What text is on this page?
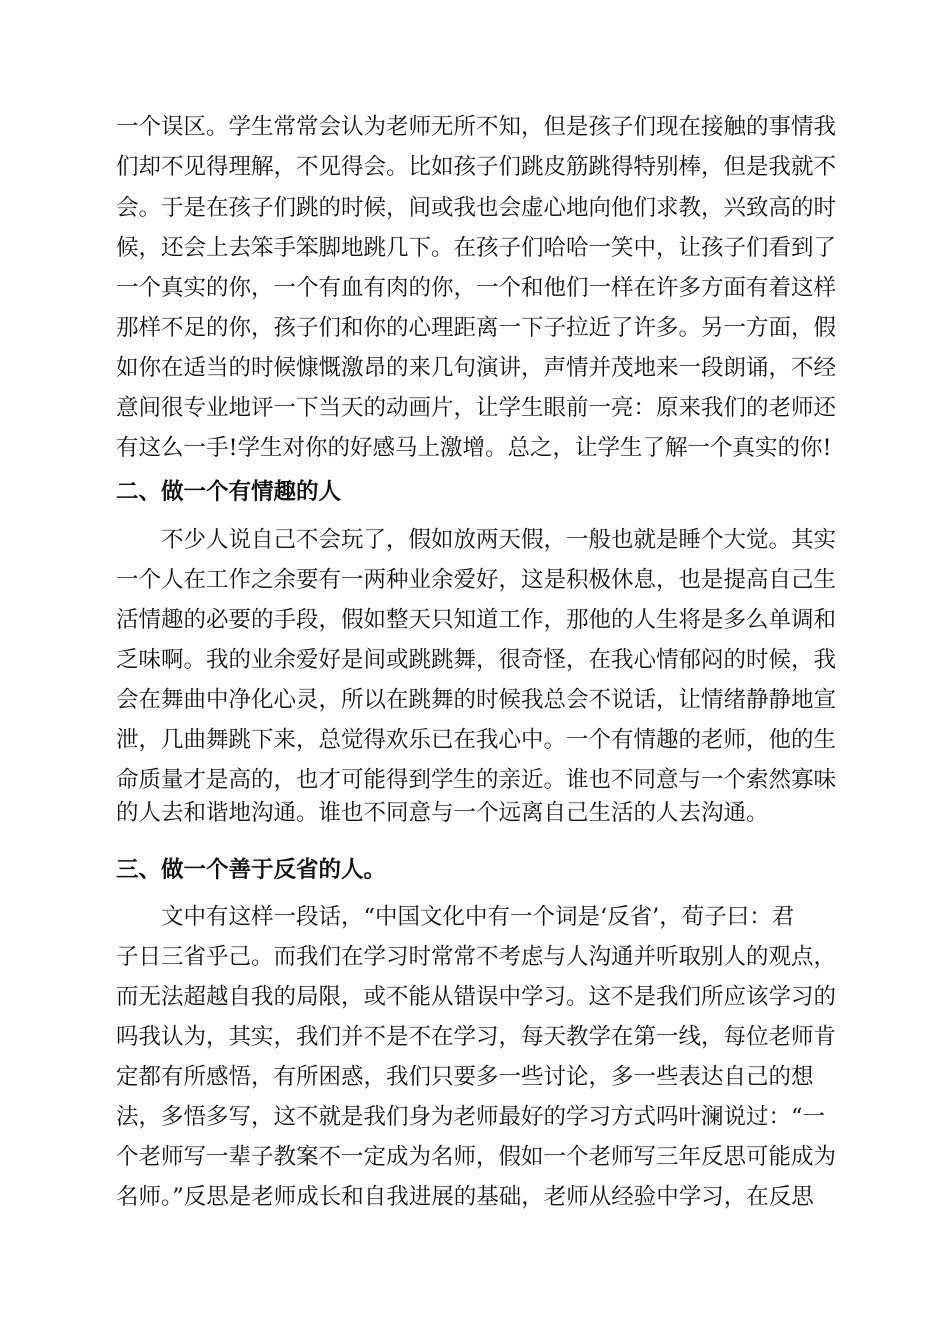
一个误区。学生常常会认为老师无所不知，但是孩子们现在接触的事情我
们却不见得理解，不见得会。比如孩子们跳皮筋跳得特别棒，但是我就不
会。于是在孩子们跳的时候，间或我也会虚心地向他们求教，兴致高的时
候，还会上去笨手笨脚地跳几下。在孩子们哈哈一笑中，让孩子们看到了
一个真实的你，一个有血有肉的你，一个和他们一样在许多方面有着这样
那样不足的你，孩子们和你的心理距离一下子拉近了许多。另一方面，假
如你在适当的时候慷慨激昂的来几句演讲，声情并茂地来一段朗诵，不经
意间很专业地评一下当天的动画片，让学生眼前一亮：原来我们的老师还
有这么一手!学生对你的好感马上激增。总之，让学生了解一个真实的你!
二、做一个有情趣的人
不少人说自己不会玩了，假如放两天假，一般也就是睡个大觉。其实
一个人在工作之余要有一两种业余爱好，这是积极休息，也是提高自己生
活情趣的必要的手段，假如整天只知道工作，那他的人生将是多么单调和
乏味啊。我的业余爱好是间或跳跳舞，很奇怪，在我心情郁闷的时候，我
会在舞曲中净化心灵，所以在跳舞的时候我总会不说话，让情绪静静地宣
泄，几曲舞跳下来，总觉得欢乐已在我心中。一个有情趣的老师，他的生
命质量才是高的，也才可能得到学生的亲近。谁也不同意与一个索然寡味
的人去和谐地沟通。谁也不同意与一个远离自己生活的人去沟通。
三、做一个善于反省的人。
文中有这样一段话，“中国文化中有一个词是‘反省’，荀子曰：君
子日三省乎己。而我们在学习时常常不考虑与人沟通并听取别人的观点，
而无法超越自我的局限，或不能从错误中学习。这不是我们所应该学习的
吗我认为，其实，我们并不是不在学习，每天教学在第一线，每位老师肯
定都有所感悟，有所困惑，我们只要多一些讨论，多一些表达自己的想
法，多悟多写，这不就是我们身为老师最好的学习方式吗叶澜说过：“一
个老师写一辈子教案不一定成为名师，假如一个老师写三年反思可能成为
名师。”反思是老师成长和自我进展的基础，老师从经验中学习，在反思
